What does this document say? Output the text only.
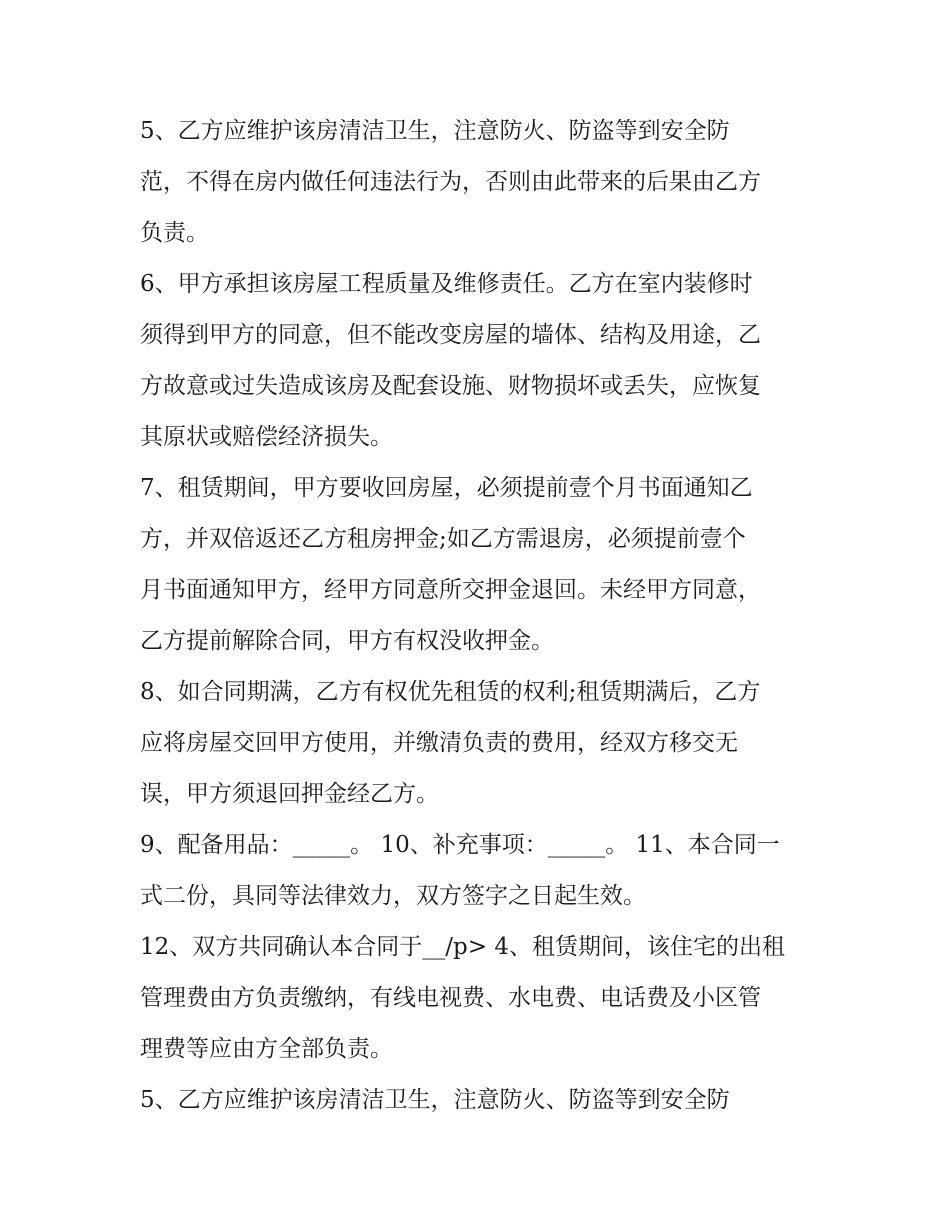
5、乙方应维护该房清洁卫生，注意防火、防盗等到安全防
范，不得在房内做任何违法行为，否则由此带来的后果由乙方
负责。
6、甲方承担该房屋工程质量及维修责任。乙方在室内装修时
须得到甲方的同意，但不能改变房屋的墙体、结构及用途，乙
方故意或过失造成该房及配套设施、财物损坏或丢失，应恢复
其原状或赔偿经济损失。
7、租赁期间，甲方要收回房屋，必须提前壹个月书面通知乙
方，并双倍返还乙方租房押金;如乙方需退房，必须提前壹个
月书面通知甲方，经甲方同意所交押金退回。未经甲方同意，
乙方提前解除合同，甲方有权没收押金。
8、如合同期满，乙方有权优先租赁的权利;租赁期满后，乙方
应将房屋交回甲方使用，并缴清负责的费用，经双方移交无
误，甲方须退回押金经乙方。
9、配备用品：_____。 10、补充事项：_____。 11、本合同一
式二份，具同等法律效力，双方签字之日起生效。
12、双方共同确认本合同于__/p> 4、租赁期间，该住宅的出租
管理费由方负责缴纳，有线电视费、水电费、电话费及小区管
理费等应由方全部负责。
5、乙方应维护该房清洁卫生，注意防火、防盗等到安全防
